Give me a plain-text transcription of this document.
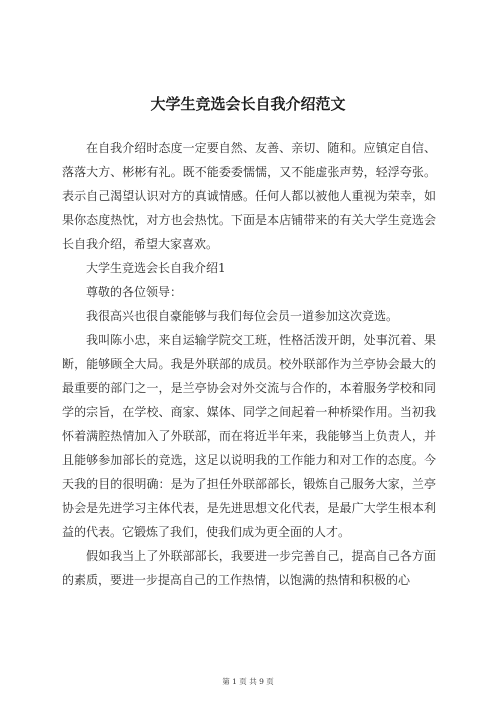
大学生竞选会长自我介绍范文

在自我介绍时态度一定要自然、友善、亲切、随和。应镇定自信、落落大方、彬彬有礼。既不能委委懦懦，又不能虚张声势，轻浮夸张。表示自己渴望认识对方的真诚情感。任何人都以被他人重视为荣幸，如果你态度热忱，对方也会热忱。下面是本店铺带来的有关大学生竞选会长自我介绍，希望大家喜欢。

大学生竞选会长自我介绍1

尊敬的各位领导：

我很高兴也很自豪能够与我们每位会员一道参加这次竞选。

我叫陈小忠，来自运输学院交工班，性格活泼开朗，处事沉着、果断，能够顾全大局。我是外联部的成员。校外联部作为兰亭协会最大的最重要的部门之一，是兰亭协会对外交流与合作的，本着服务学校和同学的宗旨，在学校、商家、媒体、同学之间起着一种桥梁作用。当初我怀着满腔热情加入了外联部，而在将近半年来，我能够当上负责人，并且能够参加部长的竞选，这足以说明我的工作能力和对工作的态度。今天我的目的很明确：是为了担任外联部部长，锻炼自己服务大家，兰亭协会是先进学习主体代表，是先进思想文化代表，是最广大学生根本利益的代表。它锻炼了我们，使我们成为更全面的人才。

假如我当上了外联部部长，我要进一步完善自己，提高自己各方面的素质，要进一步提高自己的工作热情，以饱满的热情和积极的心

第 1 页 共 9 页
